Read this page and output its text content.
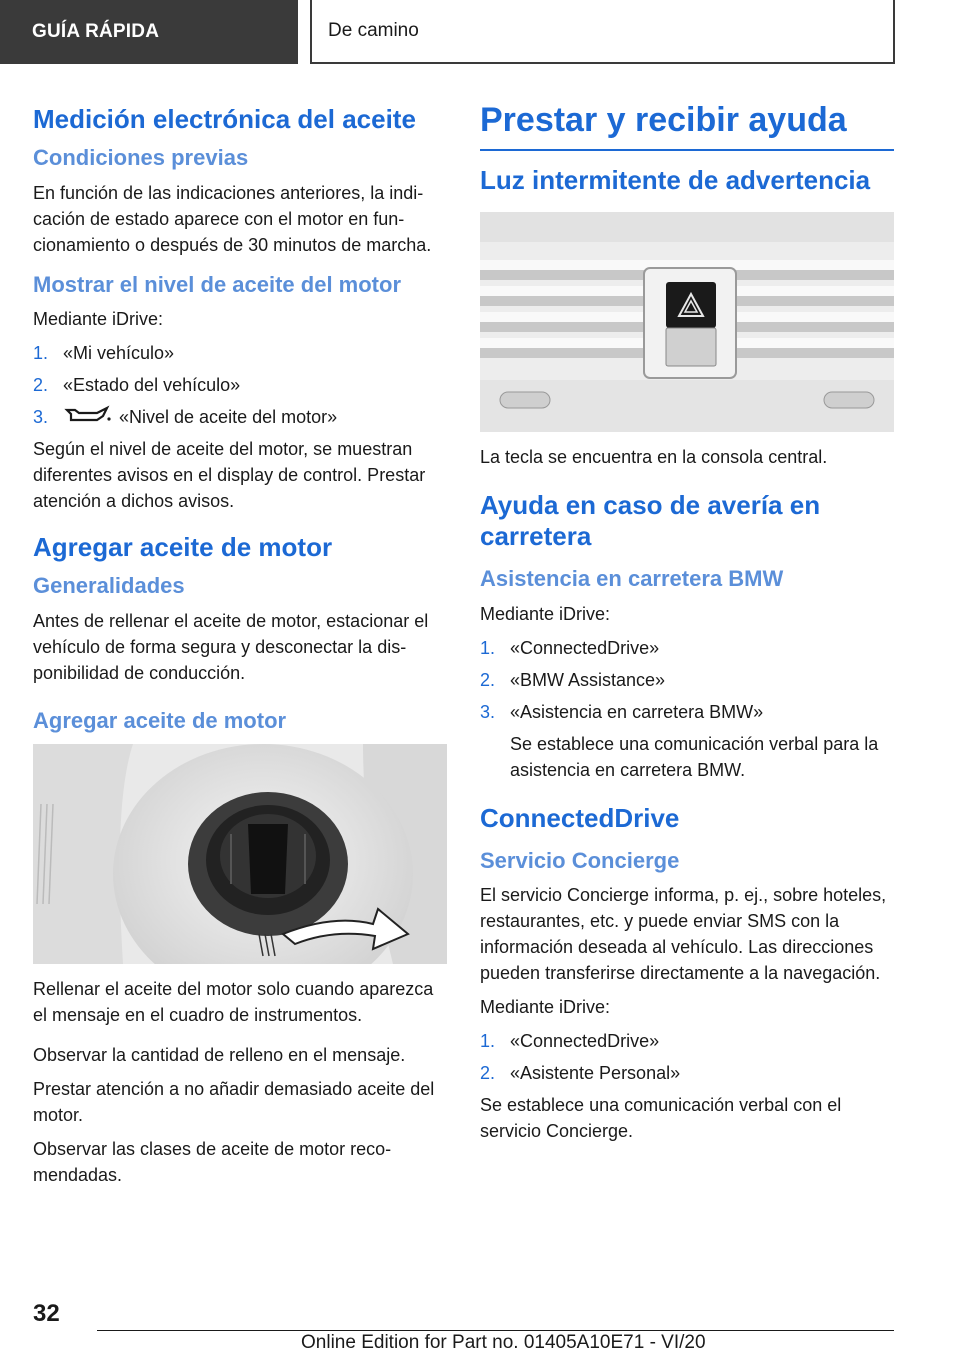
GUÍA RÁPIDA	De camino
Medición electrónica del aceite
Condiciones previas

En función de las indicaciones anteriores, la indicación de estado aparece con el motor en funcionamiento o después de 30 minutos de marcha.

Mostrar el nivel de aceite del motor

Mediante iDrive:

1. «Mi vehículo»
2. «Estado del vehículo»
3.	«Nivel de aceite del motor»

Según el nivel de aceite del motor, se muestran diferentes avisos en el display de control. Prestar atención a dichos avisos.

Agregar aceite de motor
Generalidades

Antes de rellenar el aceite de motor, estacionar el vehículo de forma segura y desconectar la disponibilidad de conducción.

Agregar aceite de motor

Rellenar el aceite del motor solo cuando aparezca el mensaje en el cuadro de instrumentos.

Observar la cantidad de relleno en el mensaje.

Prestar atención a no añadir demasiado aceite del motor.

Observar las clases de aceite de motor recomendadas.

Prestar y recibir ayuda
Luz intermitente de advertencia

La tecla se encuentra en la consola central.

Ayuda en caso de avería en carretera
Asistencia en carretera BMW

Mediante iDrive:

1. «ConnectedDrive»
2. «BMW Assistance»
3. «Asistencia en carretera BMW»
Se establece una comunicación verbal para la asistencia en carretera BMW.
ConnectedDrive
Servicio Concierge

El servicio Concierge informa, p. ej., sobre hoteles, restaurantes, etc. y puede enviar SMS con la información deseada al vehículo. Las direcciones pueden transferirse directamente a la navegación.

Mediante iDrive:

1. «ConnectedDrive»
2. «Asistente Personal»

Se establece una comunicación verbal con el servicio Concierge.

32
Online Edition for Part no. 01405A10E71 - VI/20
